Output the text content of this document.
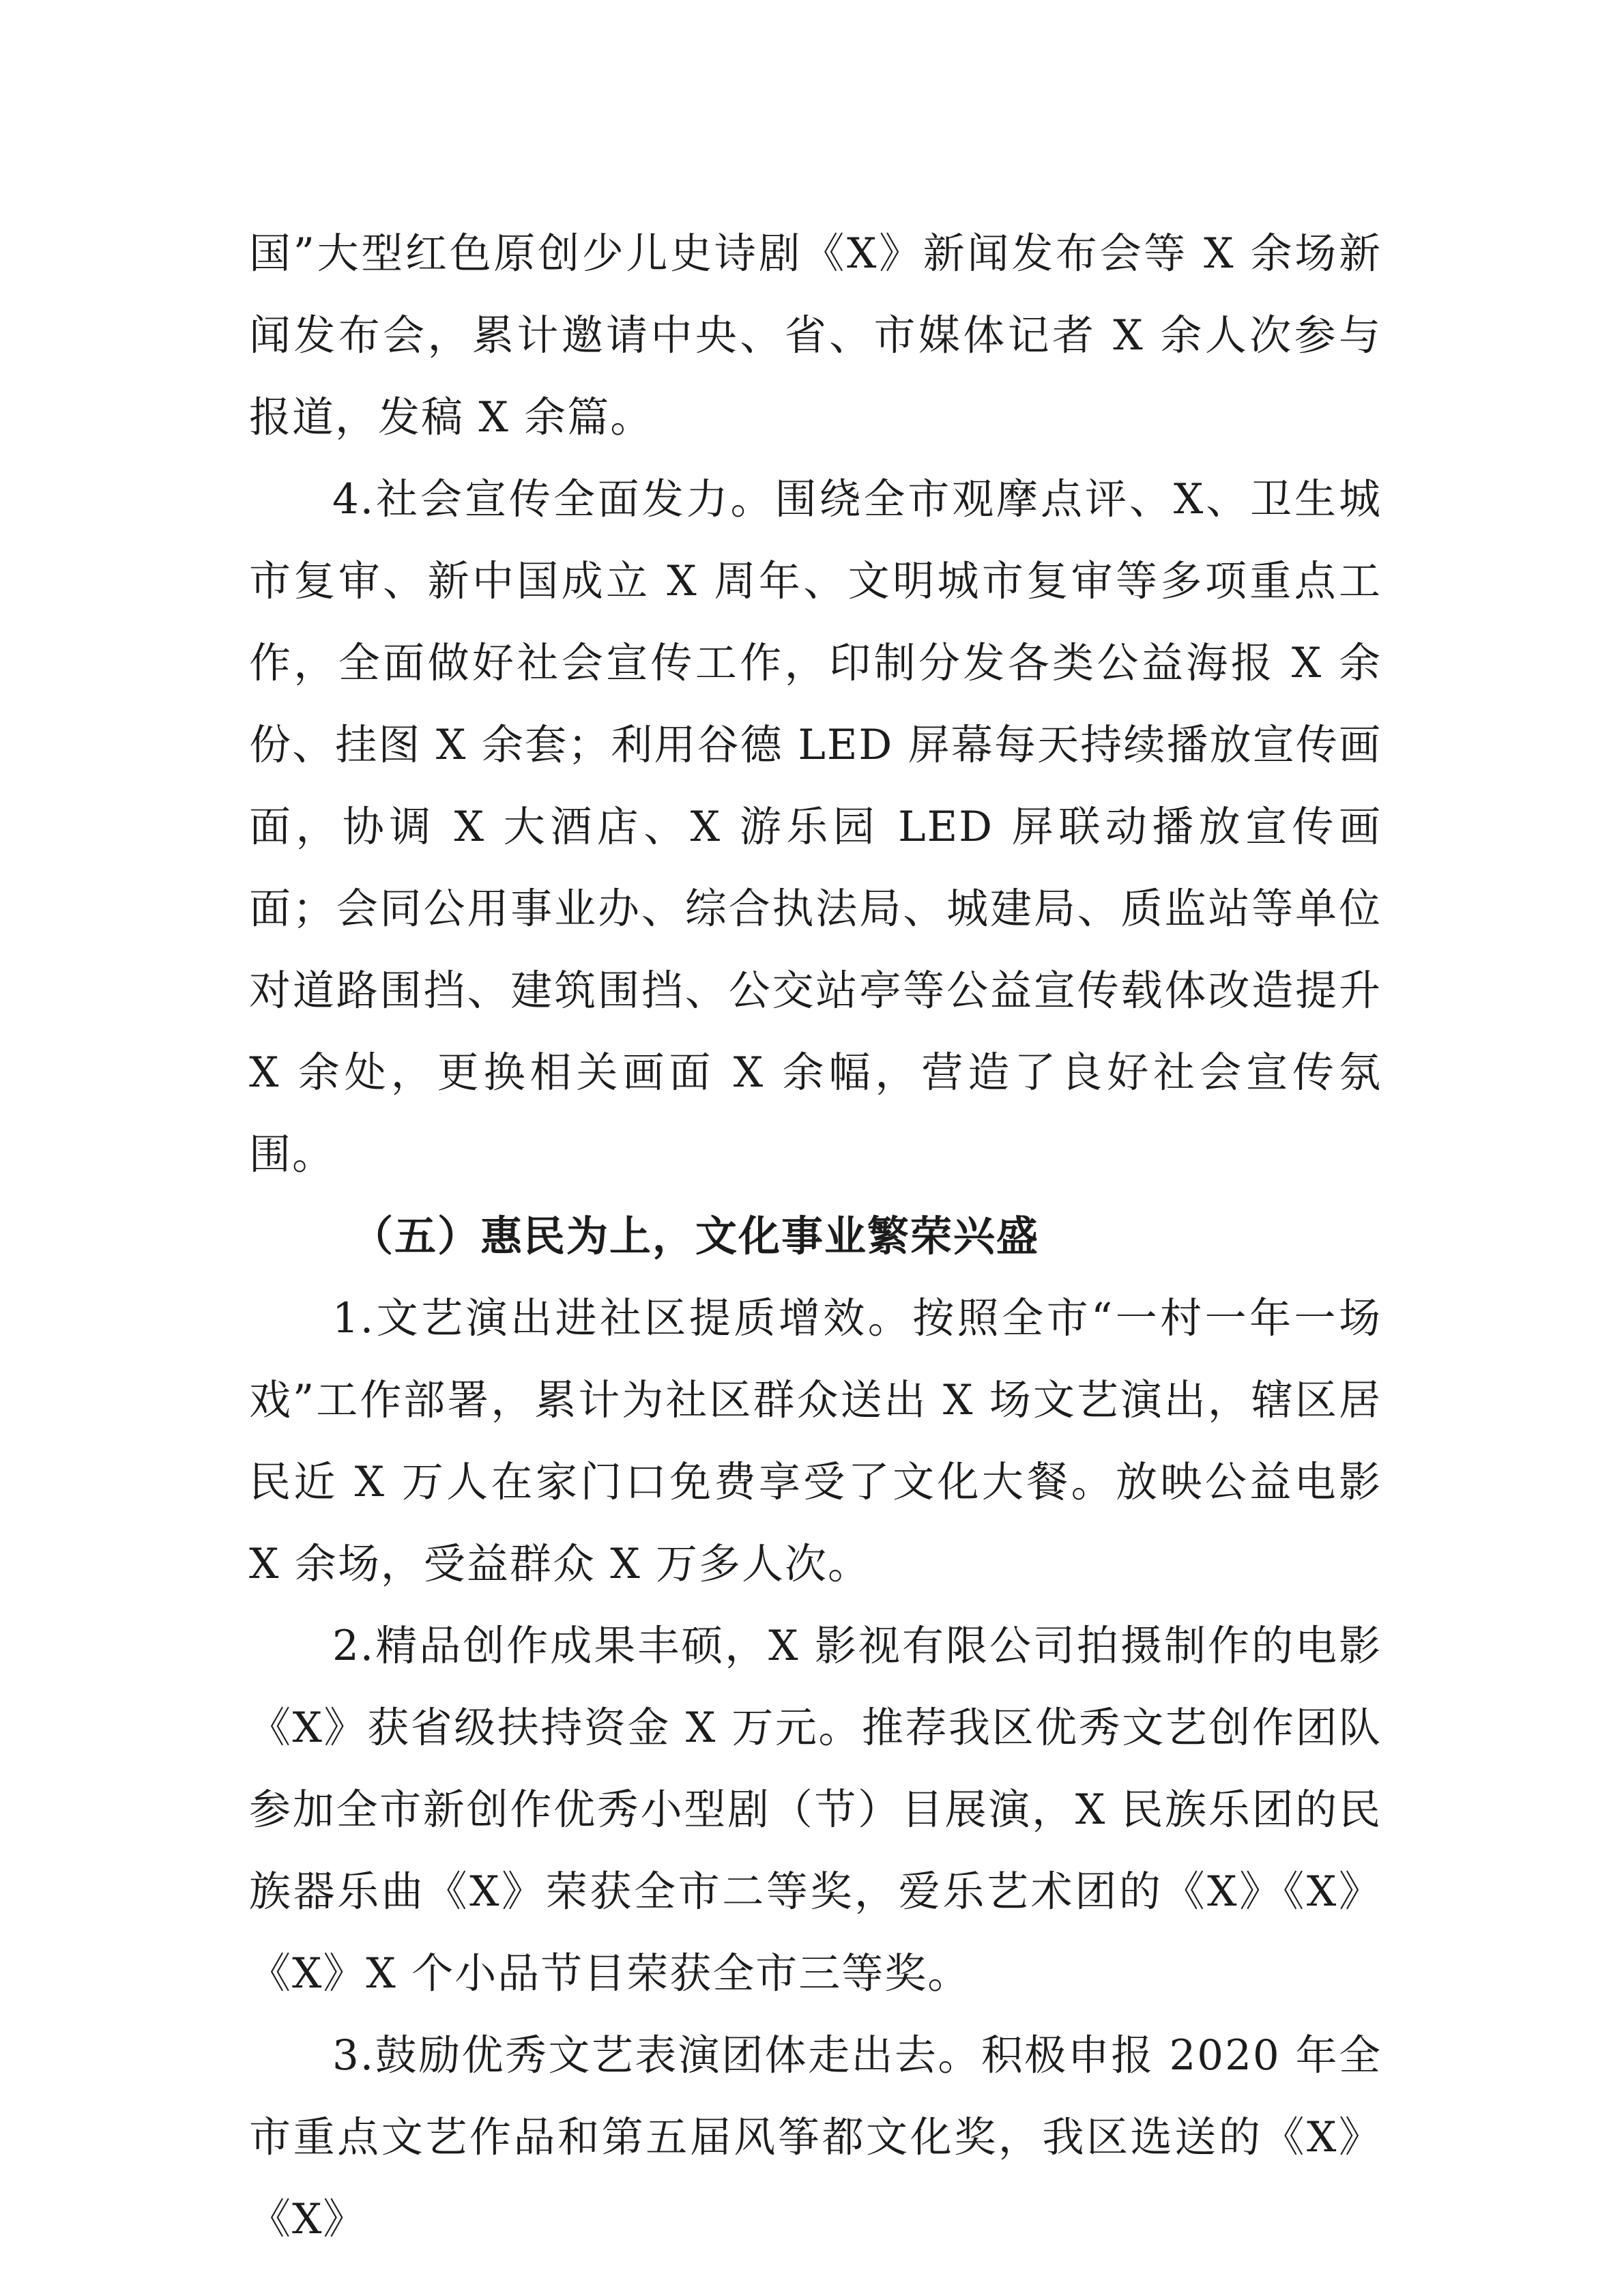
国”大型红色原创少儿史诗剧《X》新闻发布会等 X 余场新闻发布会，累计邀请中央、省、市媒体记者 X 余人次参与报道，发稿 X 余篇。

4.社会宣传全面发力。围绕全市观摩点评、X、卫生城市复审、新中国成立 X 周年、文明城市复审等多项重点工作，全面做好社会宣传工作，印制分发各类公益海报 X 余份、挂图 X 余套；利用谷德 LED 屏幕每天持续播放宣传画面，协调 X 大酒店、X 游乐园 LED 屏联动播放宣传画面；会同公用事业办、综合执法局、城建局、质监站等单位对道路围挡、建筑围挡、公交站亭等公益宣传载体改造提升 X 余处，更换相关画面 X 余幅，营造了良好社会宣传氛围。

（五）惠民为上，文化事业繁荣兴盛

1.文艺演出进社区提质增效。按照全市“一村一年一场戏”工作部署，累计为社区群众送出 X 场文艺演出，辖区居民近 X 万人在家门口免费享受了文化大餐。放映公益电影 X 余场，受益群众 X 万多人次。

2.精品创作成果丰硕，X 影视有限公司拍摄制作的电影《X》获省级扶持资金 X 万元。推荐我区优秀文艺创作团队参加全市新创作优秀小型剧（节）目展演，X 民族乐团的民族器乐曲《X》荣获全市二等奖，爱乐艺术团的《X》《X》《X》X 个小品节目荣获全市三等奖。

3.鼓励优秀文艺表演团体走出去。积极申报 2020 年全市重点文艺作品和第五届风筝都文化奖，我区选送的《X》《X》
